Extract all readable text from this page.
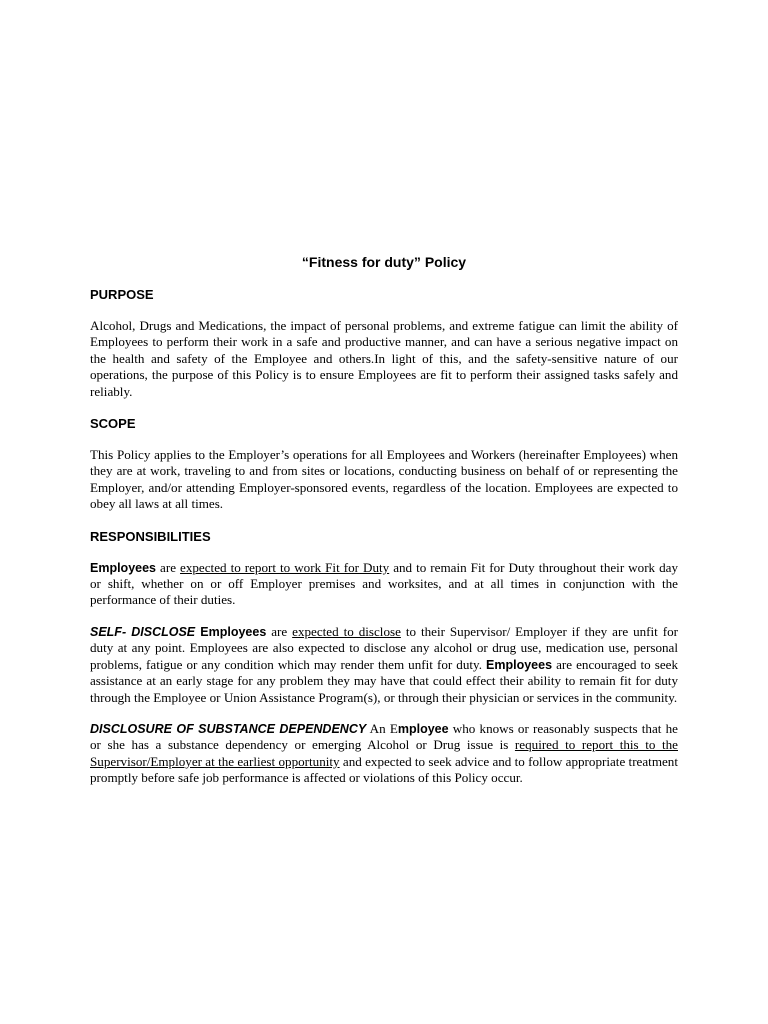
“Fitness for duty” Policy
PURPOSE

Alcohol, Drugs and Medications, the impact of personal problems, and extreme fatigue can limit the ability of Employees to perform their work in a safe and productive manner, and can have a serious negative impact on the health and safety of the Employee and others.In light of this, and the safety-sensitive nature of our operations, the purpose of this Policy is to ensure Employees are fit to perform their assigned tasks safely and reliably.

SCOPE

This Policy applies to the Employer’s operations for all Employees and Workers (hereinafter Employees) when they are at work, traveling to and from sites or locations, conducting business on behalf of or representing the Employer, and/or attending Employer-sponsored events, regardless of the location. Employees are expected to obey all laws at all times.

RESPONSIBILITIES

Employees are expected to report to work Fit for Duty and to remain Fit for Duty throughout their work day or shift, whether on or off Employer premises and worksites, and at all times in conjunction with the performance of their duties.

SELF- DISCLOSE Employees are expected to disclose to their Supervisor/ Employer if they are unfit for duty at any point. Employees are also expected to disclose any alcohol or drug use, medication use, personal problems, fatigue or any condition which may render them unfit for duty. Employees are encouraged to seek assistance at an early stage for any problem they may have that could effect their ability to remain fit for duty through the Employee or Union Assistance Program(s), or through their physician or services in the community.

DISCLOSURE OF SUBSTANCE DEPENDENCY An Employee who knows or reasonably suspects that he or she has a substance dependency or emerging Alcohol or Drug issue is required to report this to the Supervisor/Employer at the earliest opportunity and expected to seek advice and to follow appropriate treatment promptly before safe job performance is affected or violations of this Policy occur.
